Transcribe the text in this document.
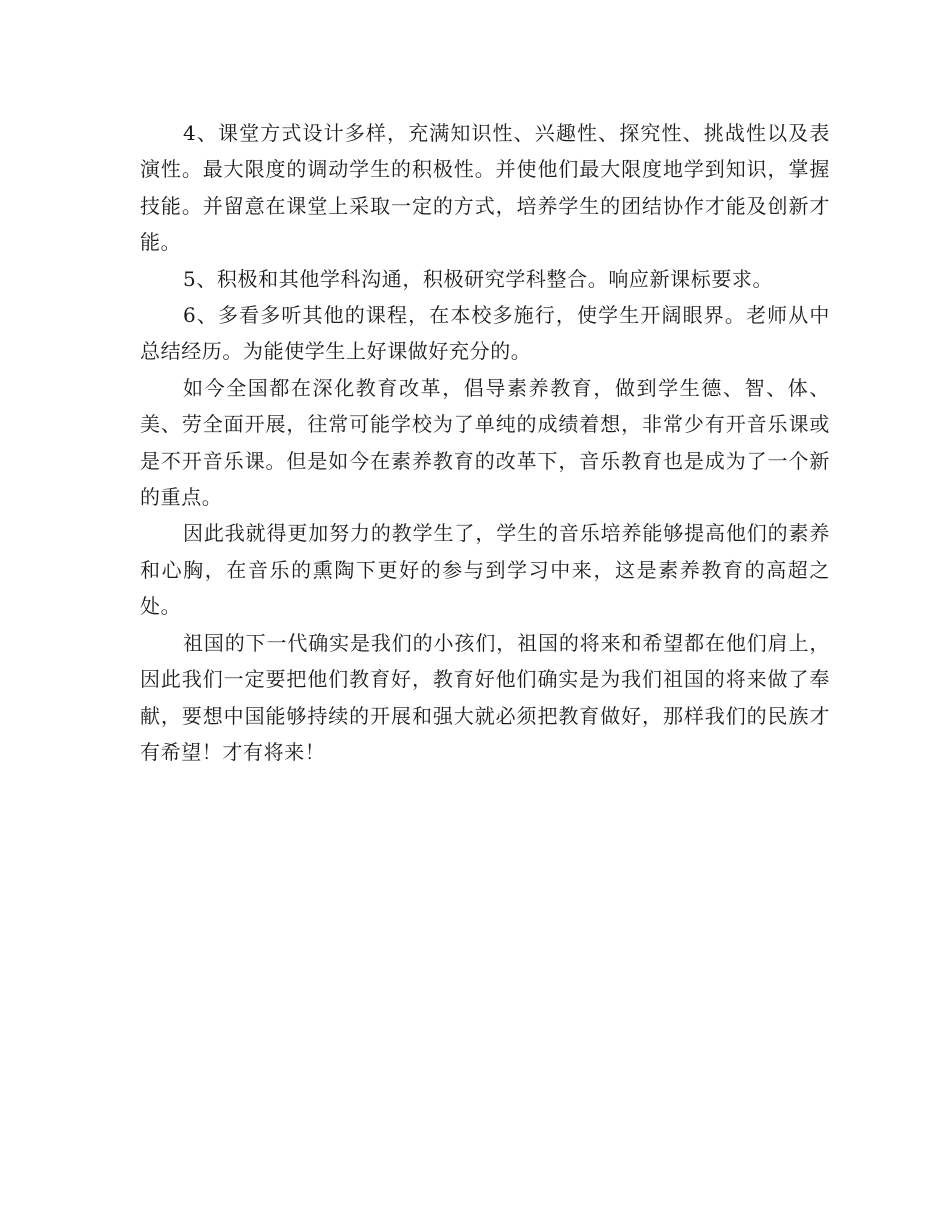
4、课堂方式设计多样，充满知识性、兴趣性、探究性、挑战性以及表演性。最大限度的调动学生的积极性。并使他们最大限度地学到知识，掌握技能。并留意在课堂上采取一定的方式，培养学生的团结协作才能及创新才能。

5、积极和其他学科沟通，积极研究学科整合。响应新课标要求。

6、多看多听其他的课程，在本校多施行，使学生开阔眼界。老师从中总结经历。为能使学生上好课做好充分的。

如今全国都在深化教育改革，倡导素养教育，做到学生德、智、体、美、劳全面开展，往常可能学校为了单纯的成绩着想，非常少有开音乐课或是不开音乐课。但是如今在素养教育的改革下，音乐教育也是成为了一个新的重点。

因此我就得更加努力的教学生了，学生的音乐培养能够提高他们的素养和心胸，在音乐的熏陶下更好的参与到学习中来，这是素养教育的高超之处。

祖国的下一代确实是我们的小孩们，祖国的将来和希望都在他们肩上，因此我们一定要把他们教育好，教育好他们确实是为我们祖国的将来做了奉献，要想中国能够持续的开展和强大就必须把教育做好，那样我们的民族才有希望！才有将来！
